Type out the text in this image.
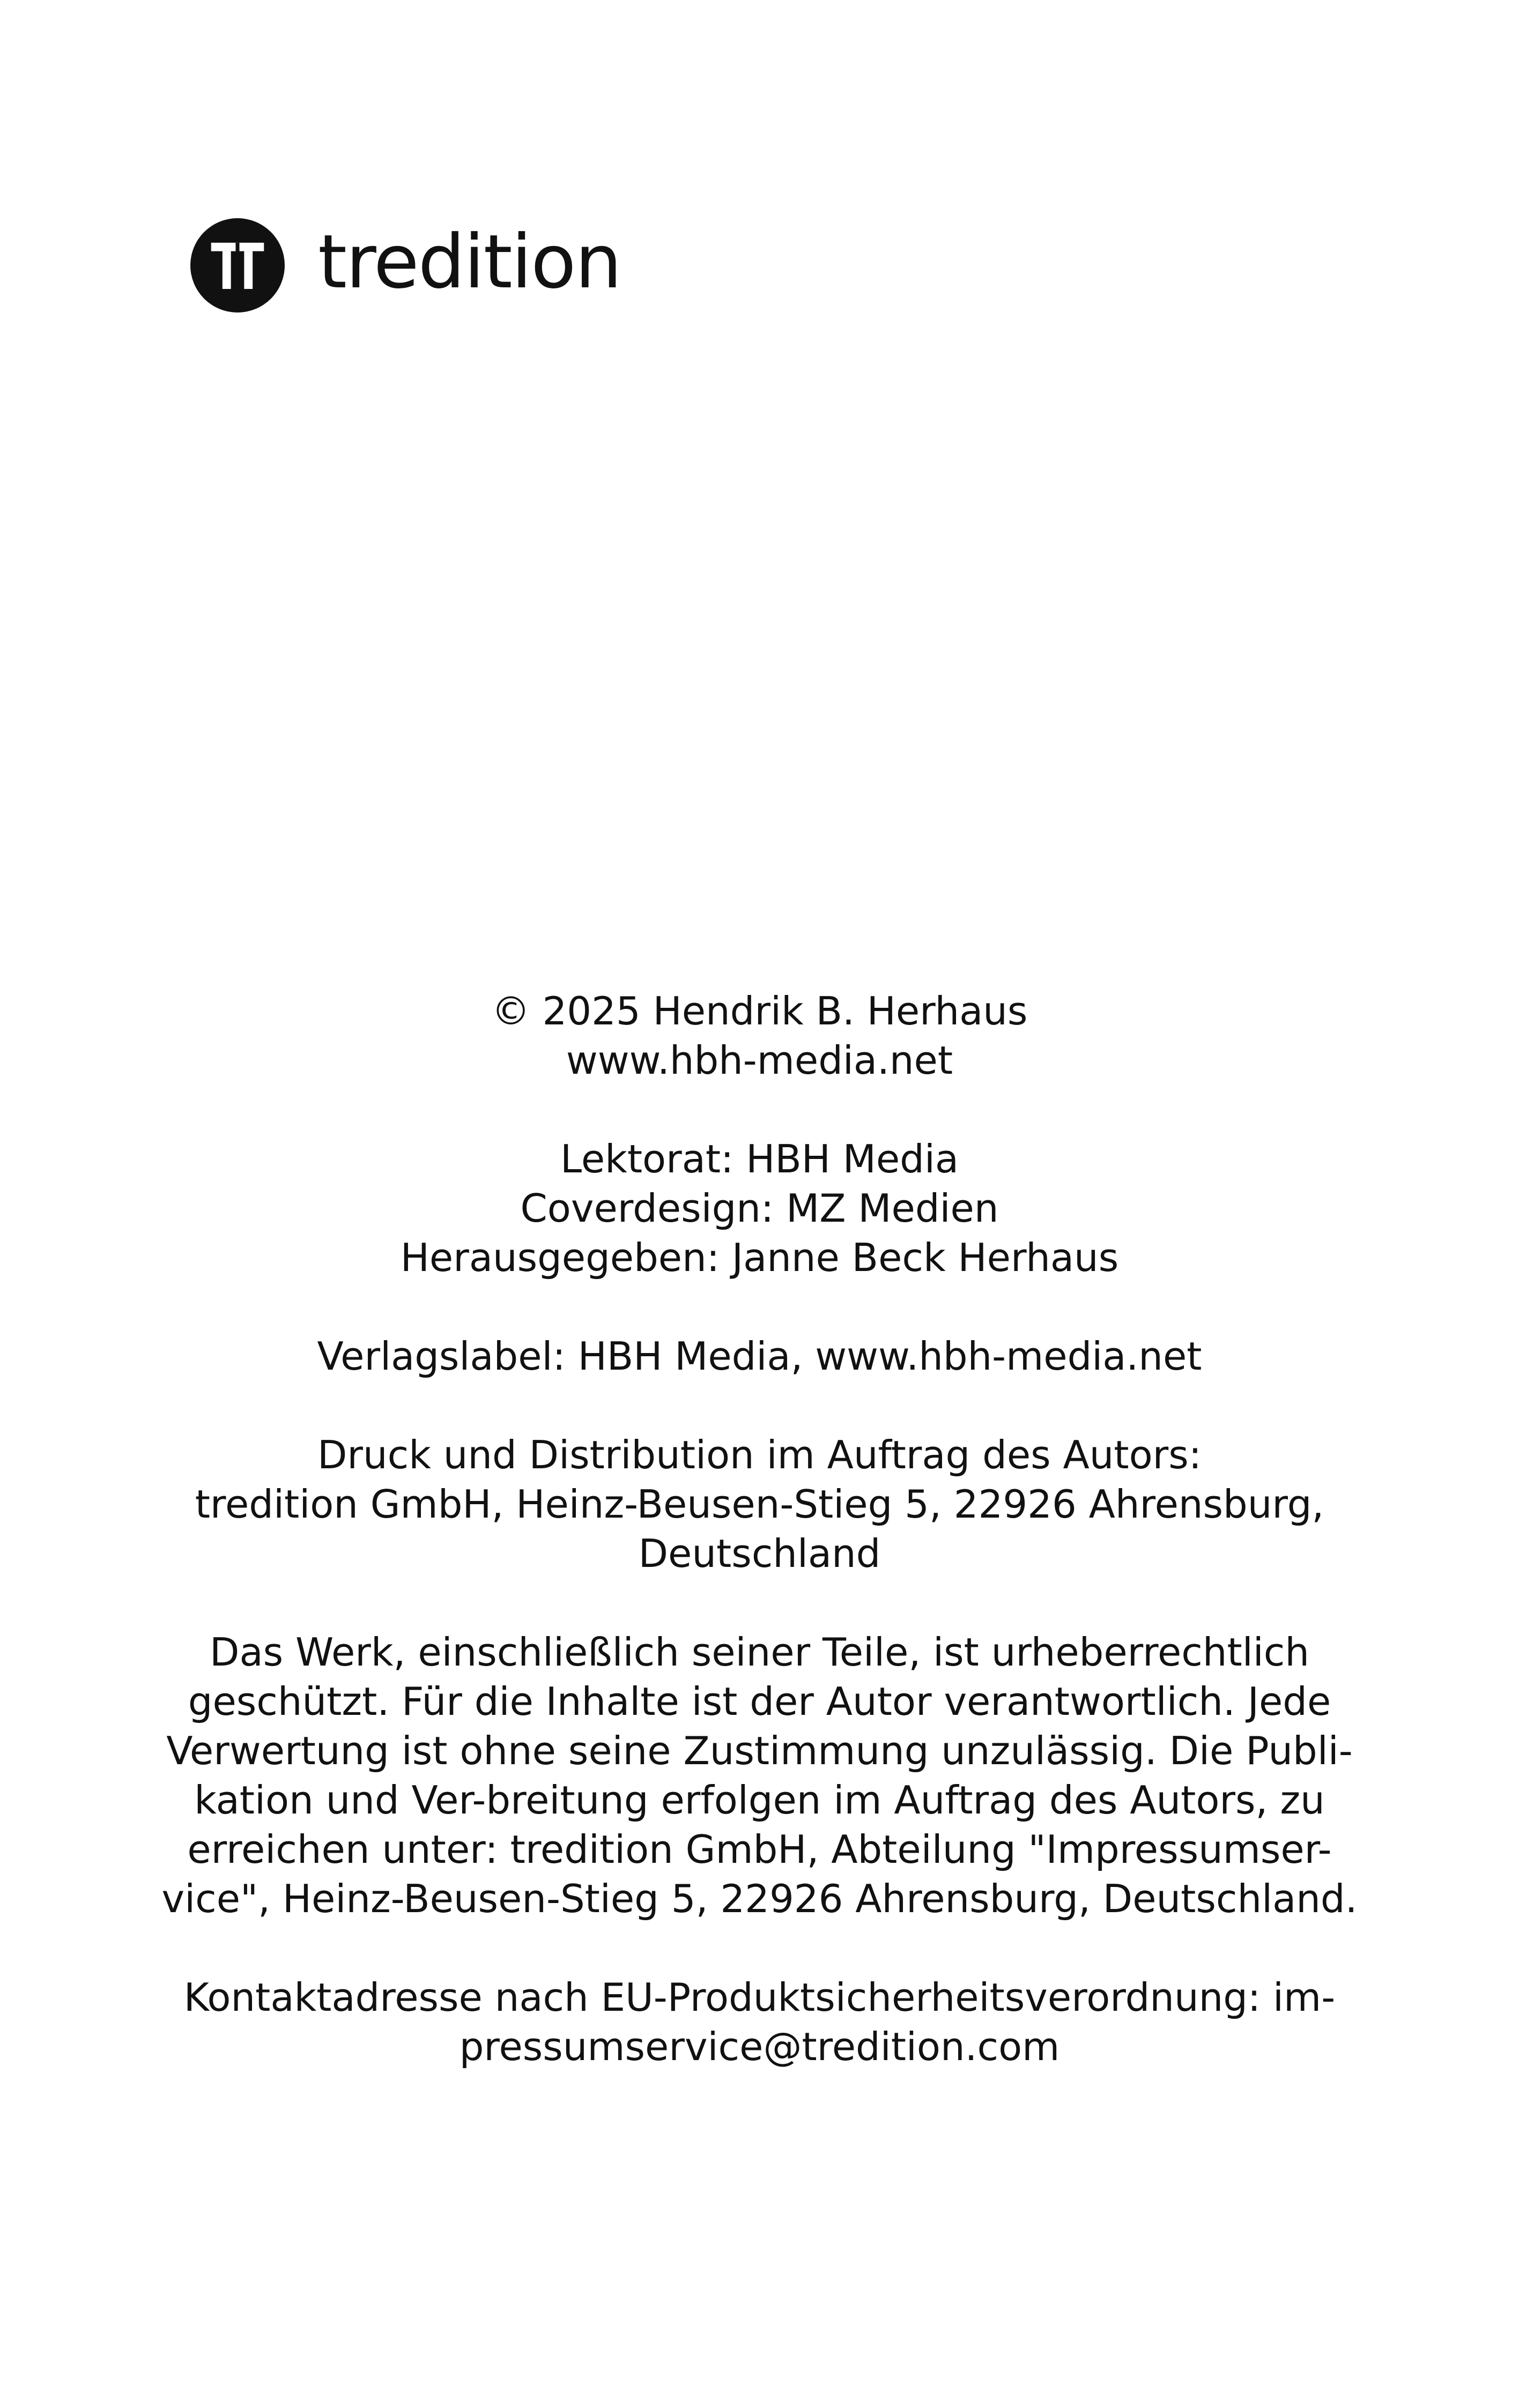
tredition
© 2025 Hendrik B. Herhaus
www.hbh-media.net
Lektorat: HBH Media
Coverdesign: MZ Medien
Herausgegeben: Janne Beck Herhaus
Verlagslabel: HBH Media, www.hbh-media.net
Druck und Distribution im Auftrag des Autors:
tredition GmbH, Heinz-Beusen-Stieg 5, 22926 Ahrensburg,
Deutschland
Das Werk, einschließlich seiner Teile, ist urheberrechtlich
geschützt. Für die Inhalte ist der Autor verantwortlich. Jede
Verwertung ist ohne seine Zustimmung unzulässig. Die Publi-
kation und Ver-breitung erfolgen im Auftrag des Autors, zu
erreichen unter: tredition GmbH, Abteilung "Impressumser-
vice", Heinz-Beusen-Stieg 5, 22926 Ahrensburg, Deutschland.
Kontaktadresse nach EU-Produktsicherheitsverordnung: im-
pressumservice@tredition.com
